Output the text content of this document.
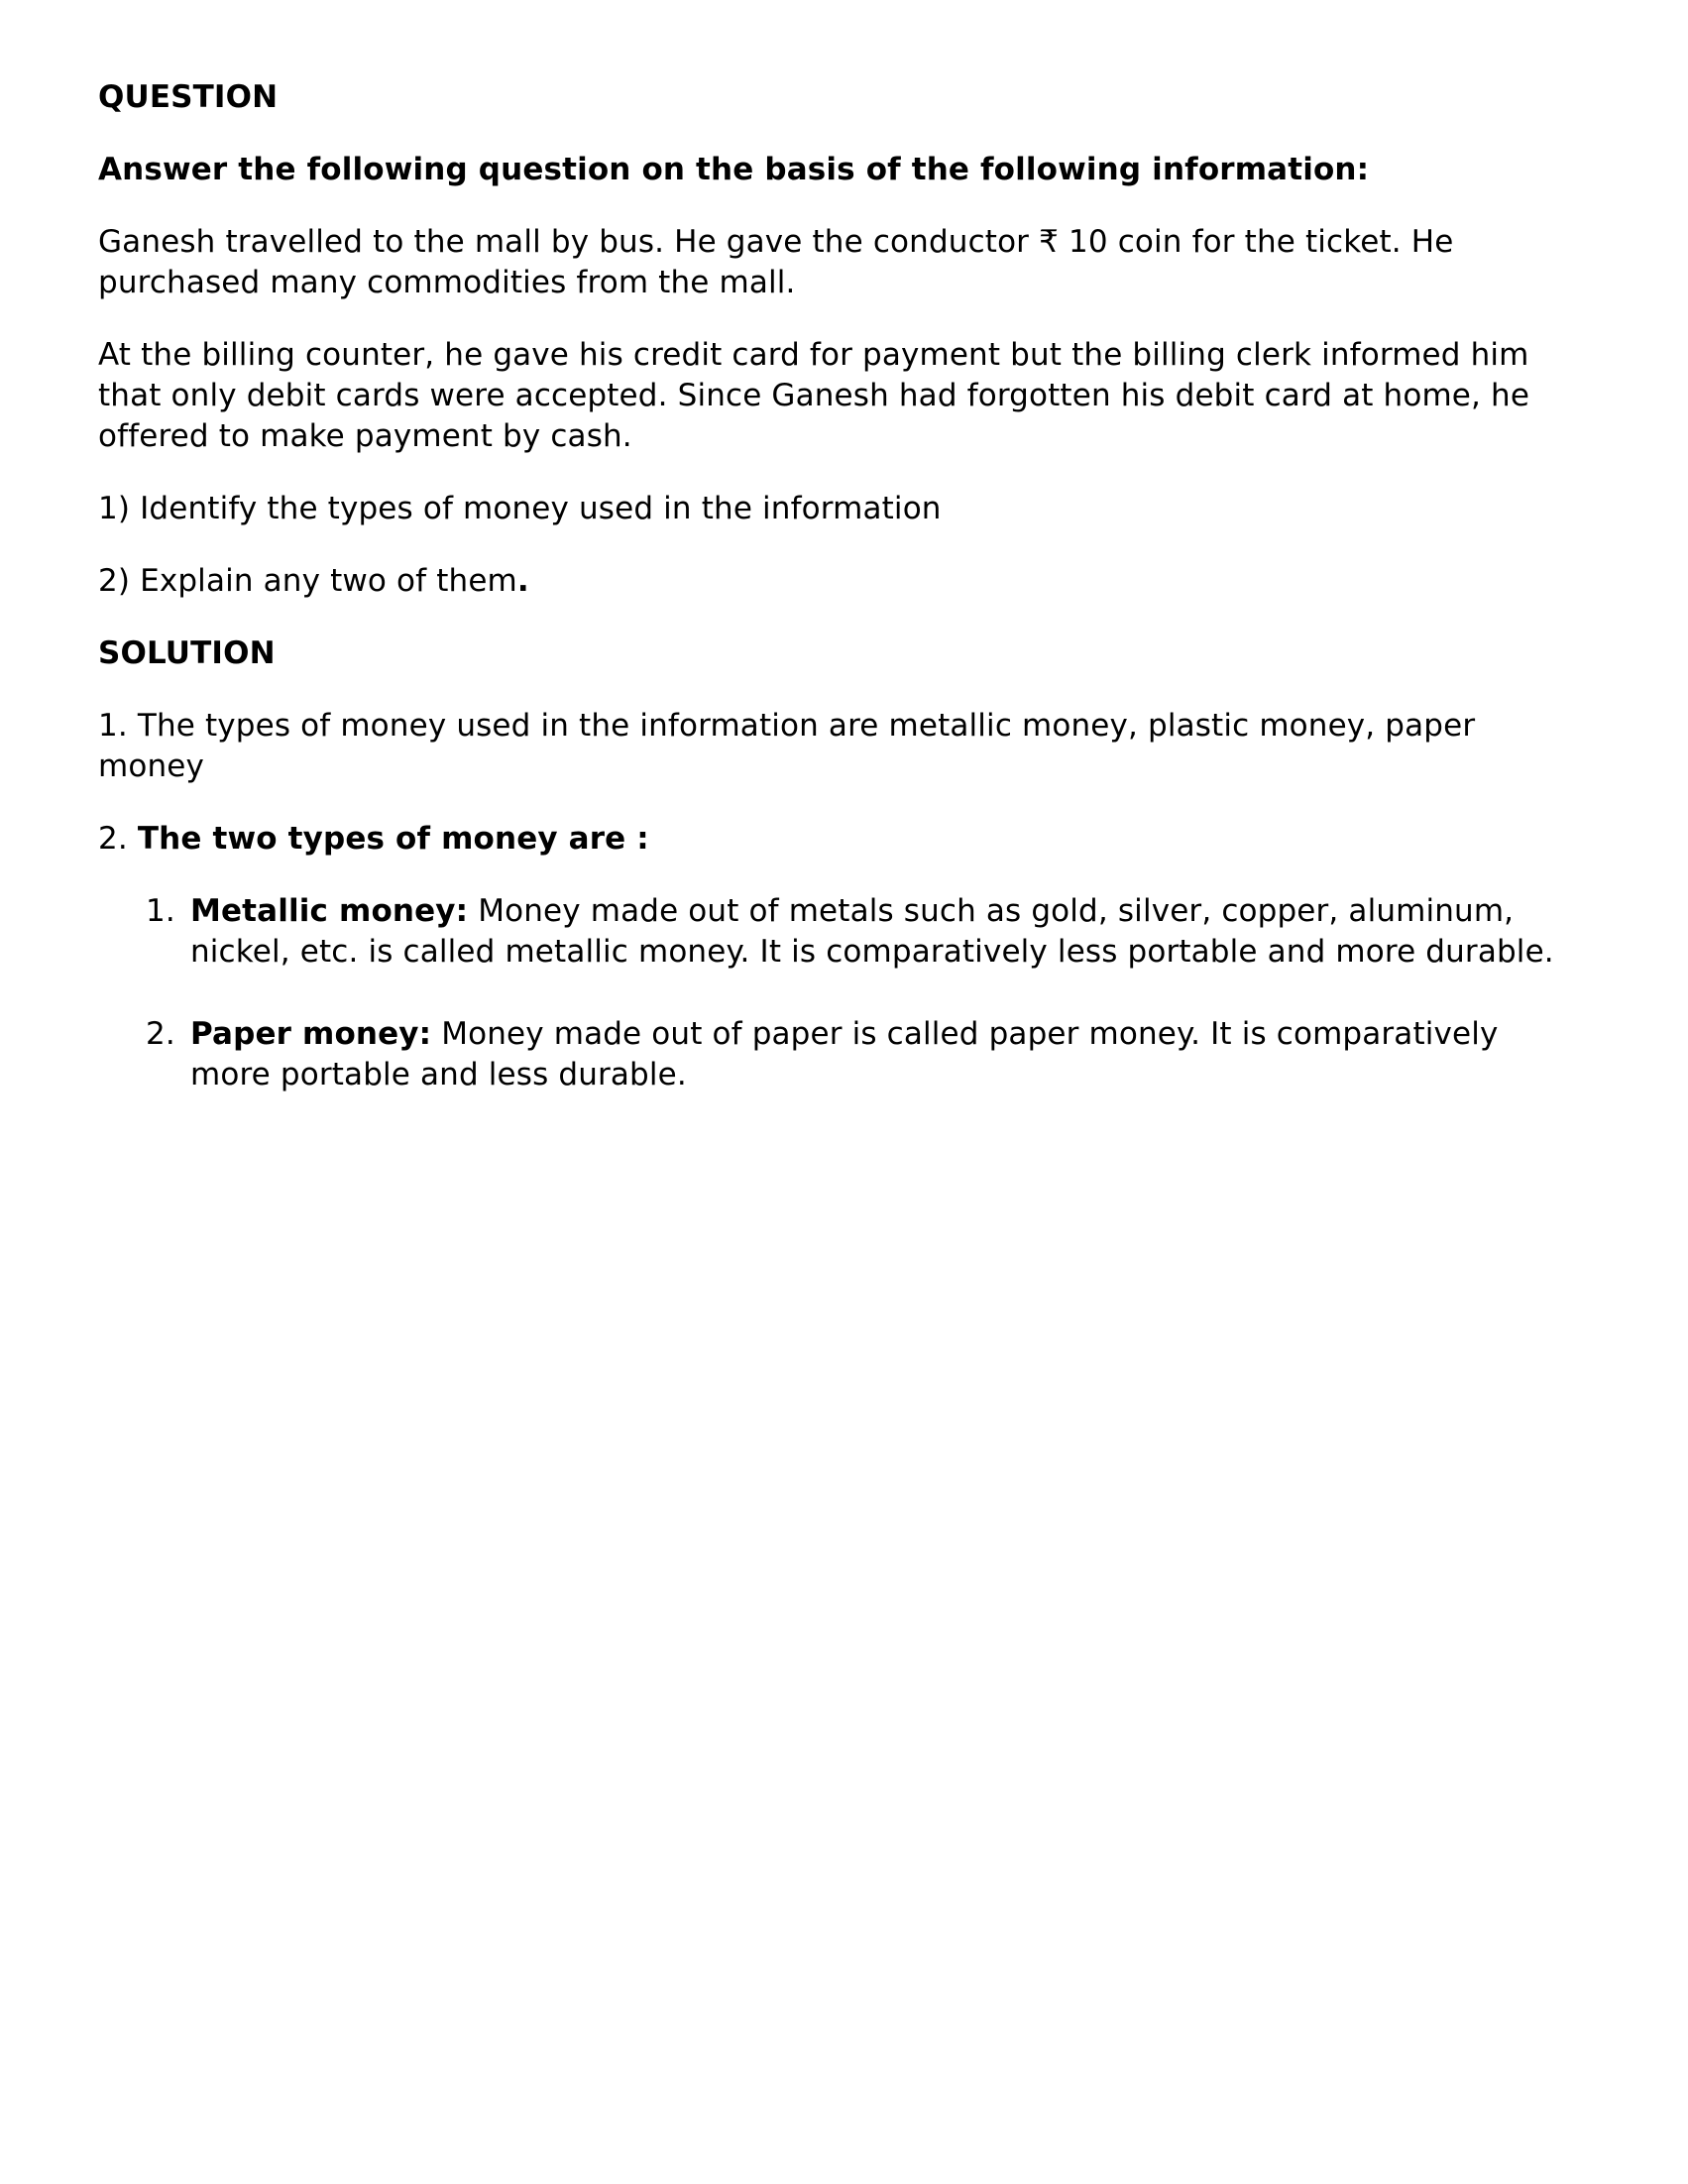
QUESTION

Answer the following question on the basis of the following information:

Ganesh travelled to the mall by bus. He gave the conductor ₹ 10 coin for the ticket. He purchased many commodities from the mall.

At the billing counter, he gave his credit card for payment but the billing clerk informed him that only debit cards were accepted. Since Ganesh had forgotten his debit card at home, he offered to make payment by cash.

1) Identify the types of money used in the information

2) Explain any two of them.

SOLUTION

1. The types of money used in the information are metallic money, plastic money, paper money

2. The two types of money are :

1. Metallic money: Money made out of metals such as gold, silver, copper, aluminum, nickel, etc. is called metallic money. It is comparatively less portable and more durable.
2. Paper money: Money made out of paper is called paper money. It is comparatively more portable and less durable.
